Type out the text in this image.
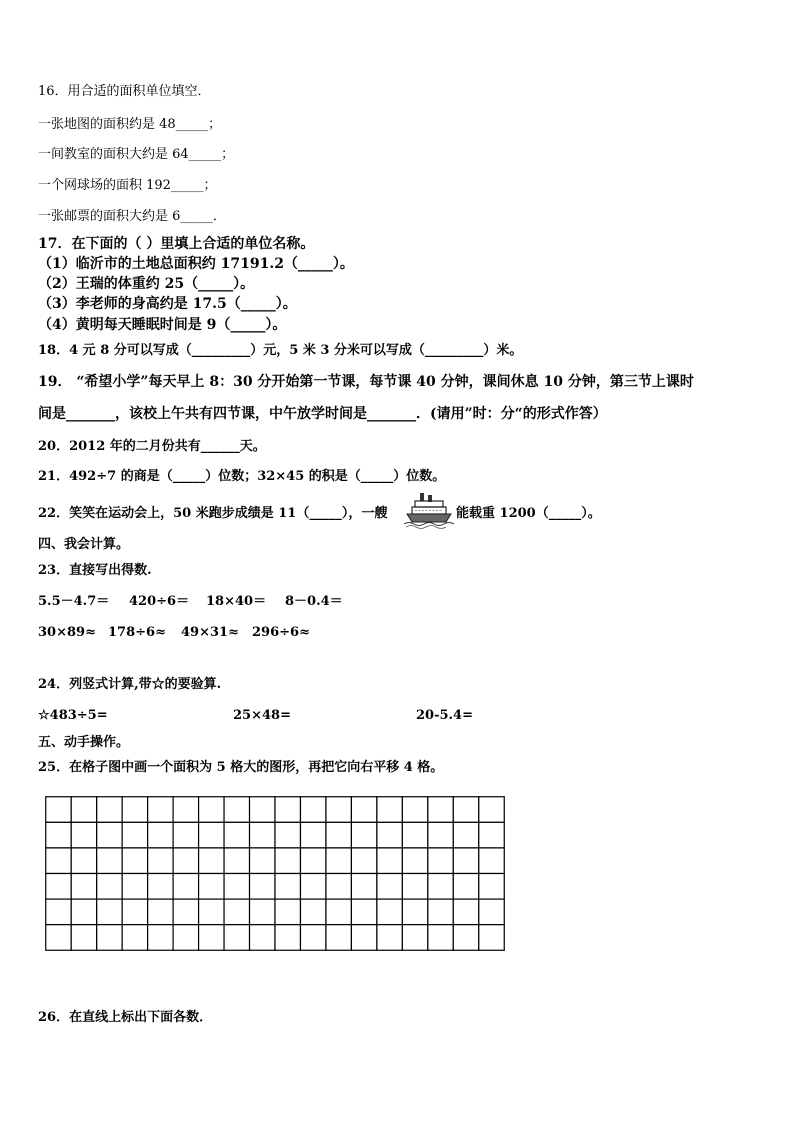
16．用合适的面积单位填空．
一张地图的面积约是 48_____；
一间教室的面积大约是 64_____；
一个网球场的面积 192_____；
一张邮票的面积大约是 6_____．
17．在下面的（ ）里填上合适的单位名称。
（1）临沂市的土地总面积约 17191.2（_____）。
（2）王瑞的体重约 25（_____）。
（3）李老师的身高约是 17.5（_____）。
（4）黄明每天睡眠时间是 9（_____）。
18．4 元 8 分可以写成（_________）元，5 米 3 分米可以写成（_________）米。
19． “希望小学”每天早上 8：30 分开始第一节课，每节课 40 分钟，课间休息 10 分钟，第三节上课时
间是_______，该校上午共有四节课，中午放学时间是_______．(请用”时：分“的形式作答）
20．2012 年的二月份共有______天。
21．492÷7 的商是（_____）位数；32×45 的积是（_____）位数。
22．笑笑在运动会上，50 米跑步成绩是 11（_____），一艘	能载重 1200（_____）。
四、我会计算。
23．直接写出得数.
5.5－4.7＝ 420÷6＝ 18×40＝ 8－0.4＝
30×89≈ 178÷6≈ 49×31≈ 296÷6≈
24．列竖式计算,带☆的要验算.
☆483÷5=	25×48=	20-5.4=
五、动手操作。
25．在格子图中画一个面积为 5 格大的图形，再把它向右平移 4 格。
26．在直线上标出下面各数．
